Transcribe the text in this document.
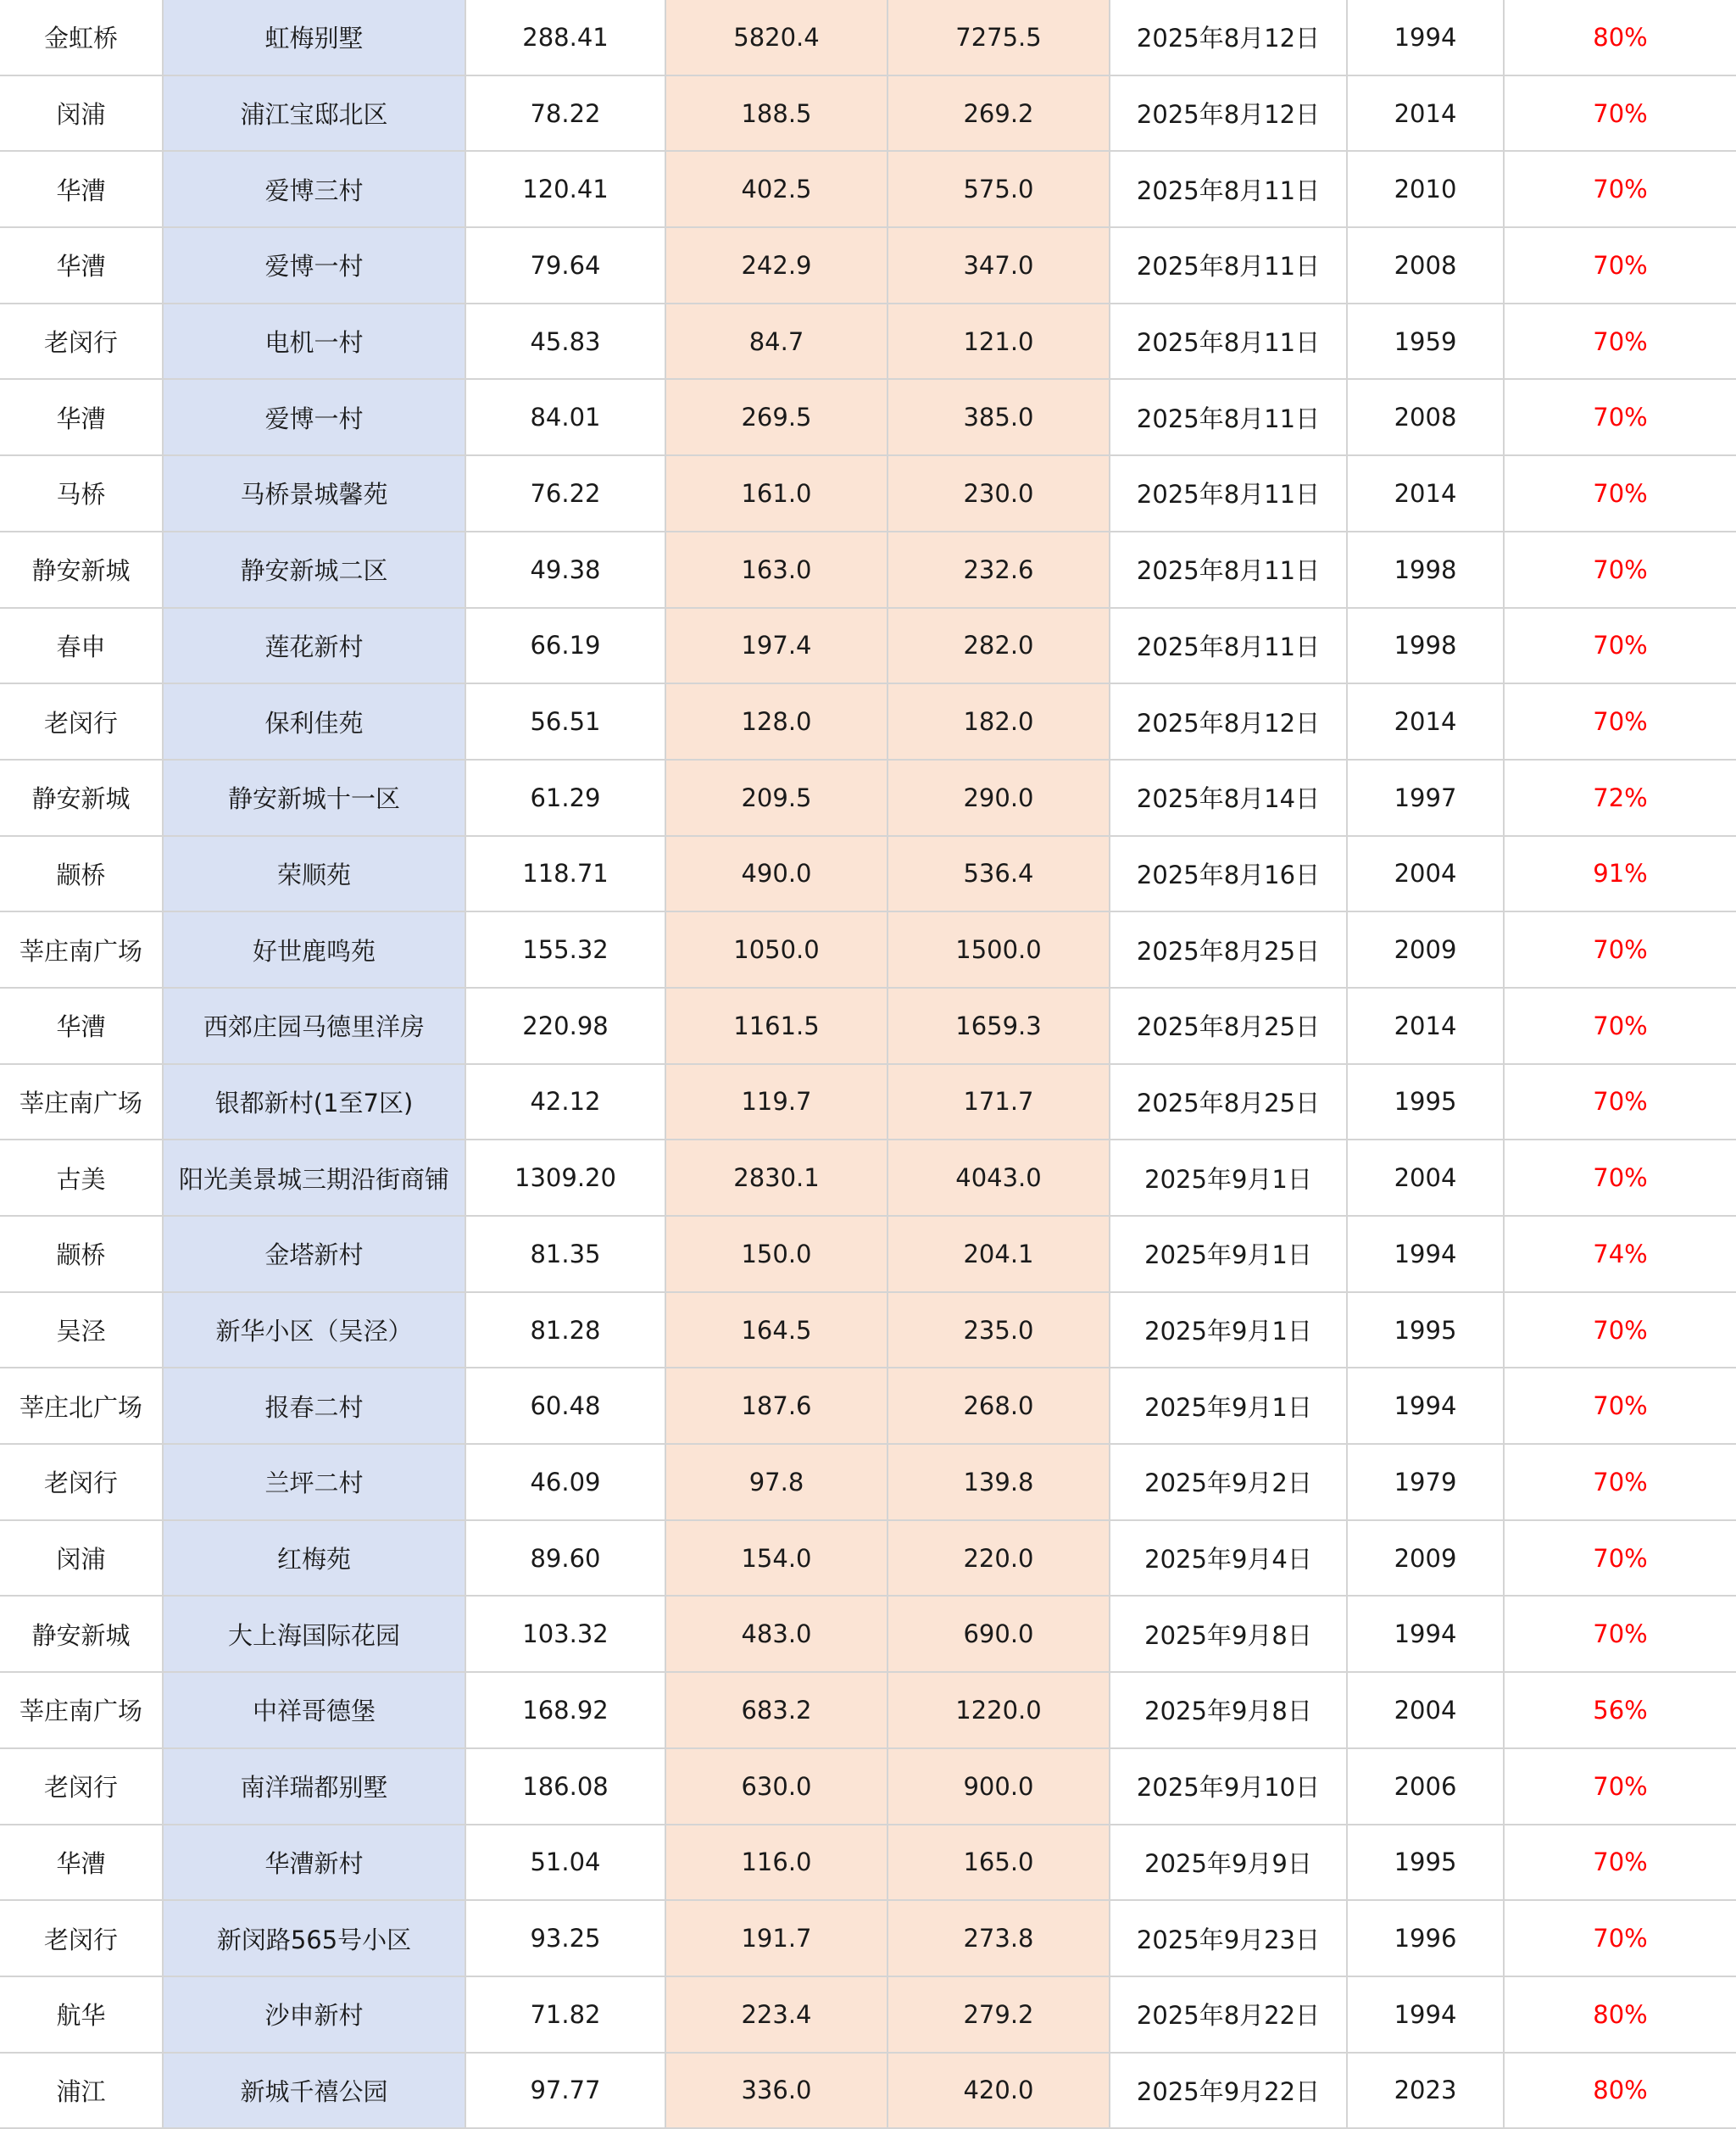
金虹桥	虹梅别墅	288.41	5820.4	7275.5	2025年8月12日	1994	80%
闵浦	浦江宝邸北区	78.22	188.5	269.2	2025年8月12日	2014	70%
华漕	爱博三村	120.41	402.5	575.0	2025年8月11日	2010	70%
华漕	爱博一村	79.64	242.9	347.0	2025年8月11日	2008	70%
老闵行	电机一村	45.83	84.7	121.0	2025年8月11日	1959	70%
华漕	爱博一村	84.01	269.5	385.0	2025年8月11日	2008	70%
马桥	马桥景城馨苑	76.22	161.0	230.0	2025年8月11日	2014	70%
静安新城	静安新城二区	49.38	163.0	232.6	2025年8月11日	1998	70%
春申	莲花新村	66.19	197.4	282.0	2025年8月11日	1998	70%
老闵行	保利佳苑	56.51	128.0	182.0	2025年8月12日	2014	70%
静安新城	静安新城十一区	61.29	209.5	290.0	2025年8月14日	1997	72%
颛桥	荣顺苑	118.71	490.0	536.4	2025年8月16日	2004	91%
莘庄南广场	好世鹿鸣苑	155.32	1050.0	1500.0	2025年8月25日	2009	70%
华漕	西郊庄园马德里洋房	220.98	1161.5	1659.3	2025年8月25日	2014	70%
莘庄南广场	银都新村(1至7区)	42.12	119.7	171.7	2025年8月25日	1995	70%
古美	阳光美景城三期沿街商铺	1309.20	2830.1	4043.0	2025年9月1日	2004	70%
颛桥	金塔新村	81.35	150.0	204.1	2025年9月1日	1994	74%
吴泾	新华小区（吴泾）	81.28	164.5	235.0	2025年9月1日	1995	70%
莘庄北广场	报春二村	60.48	187.6	268.0	2025年9月1日	1994	70%
老闵行	兰坪二村	46.09	97.8	139.8	2025年9月2日	1979	70%
闵浦	红梅苑	89.60	154.0	220.0	2025年9月4日	2009	70%
静安新城	大上海国际花园	103.32	483.0	690.0	2025年9月8日	1994	70%
莘庄南广场	中祥哥德堡	168.92	683.2	1220.0	2025年9月8日	2004	56%
老闵行	南洋瑞都别墅	186.08	630.0	900.0	2025年9月10日	2006	70%
华漕	华漕新村	51.04	116.0	165.0	2025年9月9日	1995	70%
老闵行	新闵路565号小区	93.25	191.7	273.8	2025年9月23日	1996	70%
航华	沙申新村	71.82	223.4	279.2	2025年8月22日	1994	80%
浦江	新城千禧公园	97.77	336.0	420.0	2025年9月22日	2023	80%
